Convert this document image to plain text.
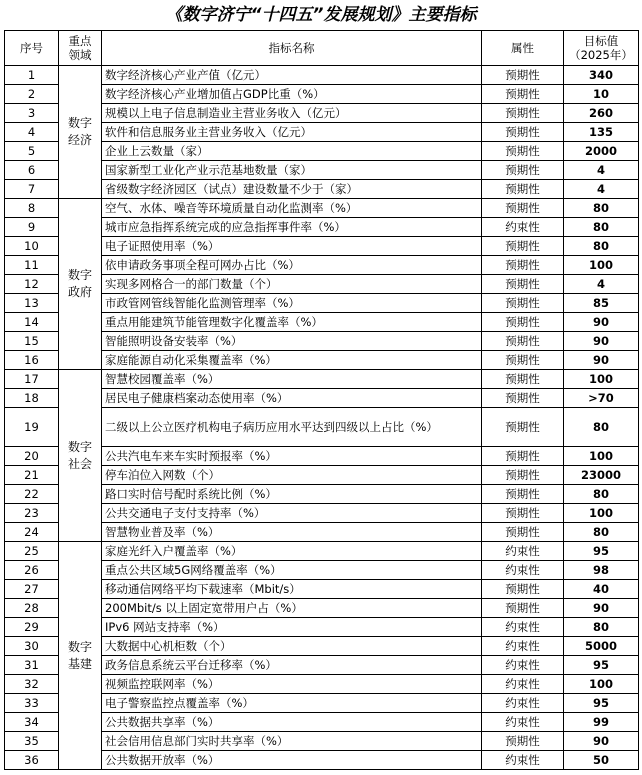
《数字济宁“十四五”发展规划》主要指标
序号	重点领域	指标名称	属性	目标值
（2025年）

1	数字经济	数字经济核心产业产值（亿元）	预期性	340
2		数字经济核心产业增加值占GDP比重（%）	预期性	10
3		规模以上电子信息制造业主营业务收入（亿元）	预期性	260
4		软件和信息服务业主营业务收入（亿元）	预期性	135
5		企业上云数量（家）	预期性	2000
6		国家新型工业化产业示范基地数量（家）	预期性	4
7		省级数字经济园区（试点）建设数量不少于（家）	预期性	4
8	数字政府	空气、水体、噪音等环境质量自动化监测率（%）	预期性	80
9		城市应急指挥系统完成的应急指挥事件率（%）	约束性	80
10		电子证照使用率（%）	预期性	80
11		依申请政务事项全程可网办占比（%）	预期性	100
12		实现多网格合一的部门数量（个）	预期性	4
13		市政管网管线智能化监测管理率（%）	预期性	85
14		重点用能建筑节能管理数字化覆盖率（%）	预期性	90
15		智能照明设备安装率（%）	预期性	90
16		家庭能源自动化采集覆盖率（%）	预期性	90
17	数字社会	智慧校园覆盖率（%）	预期性	100
18		居民电子健康档案动态使用率（%）	预期性	>70
19		二级以上公立医疗机构电子病历应用水平达到四级以上占比（%）	预期性	80
20		公共汽电车来车实时预报率（%）	预期性	100
21		停车泊位入网数（个）	预期性	23000
22		路口实时信号配时系统比例（%）	预期性	80
23		公共交通电子支付支持率（%）	预期性	100
24		智慧物业普及率（%）	预期性	80
25	数字基建	家庭光纤入户覆盖率（%）	约束性	95
26		重点公共区域5G网络覆盖率（%）	约束性	98
27		移动通信网络平均下载速率（Mbit/s）	预期性	40
28		200Mbit/s 以上固定宽带用户占（%）	预期性	90
29		IPv6 网站支持率（%）	约束性	80
30		大数据中心机柜数（个）	约束性	5000
31		政务信息系统云平台迁移率（%）	约束性	95
32		视频监控联网率（%）	约束性	100
33		电子警察监控点覆盖率（%）	约束性	95
34		公共数据共享率（%）	约束性	99
35		社会信用信息部门实时共享率（%）	预期性	90
36		公共数据开放率（%）	约束性	50
